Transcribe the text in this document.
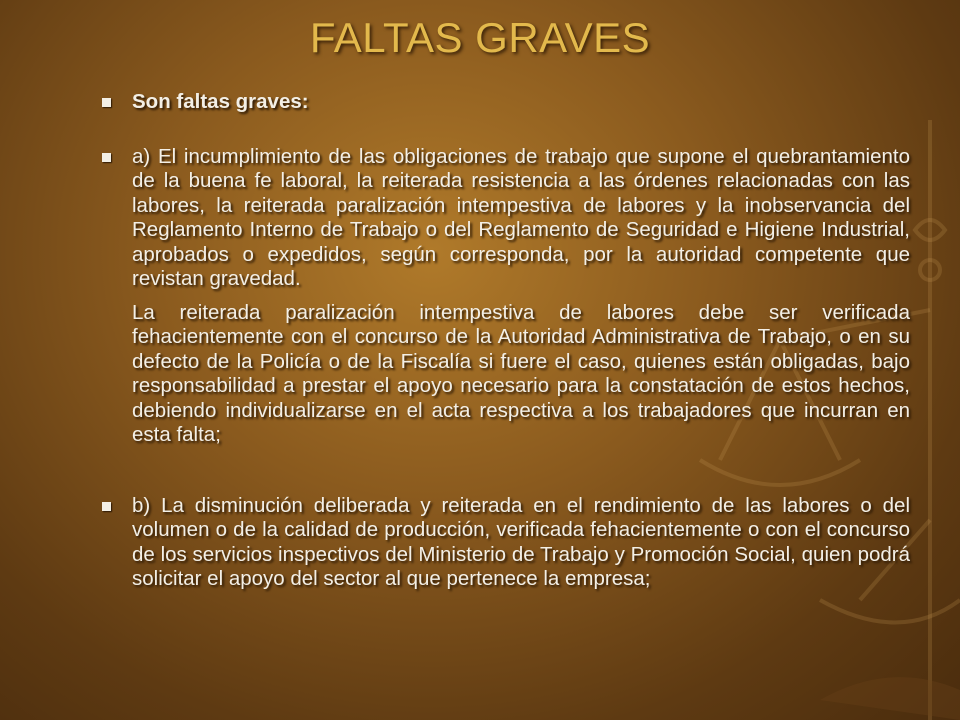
FALTAS GRAVES
Son faltas graves:

a) El incumplimiento de las obligaciones de trabajo que supone el quebrantamiento de la buena fe laboral, la reiterada resistencia a las órdenes relacionadas con las labores, la reiterada paralización intempestiva de labores y la inobservancia del Reglamento Interno de Trabajo o del Reglamento de Seguridad e Higiene Industrial, aprobados o expedidos, según corresponda, por la autoridad competente que revistan gravedad.

La reiterada paralización intempestiva de labores debe ser verificada fehacientemente con el concurso de la Autoridad Administrativa de Trabajo, o en su defecto de la Policía o de la Fiscalía si fuere el caso, quienes están obligadas, bajo responsabilidad a prestar el apoyo necesario para la constatación de estos hechos, debiendo individualizarse en el acta respectiva a los trabajadores que incurran en esta falta;

b) La disminución deliberada y reiterada en el rendimiento de las labores o del volumen o de la calidad de producción, verificada fehacientemente o con el concurso de los servicios inspectivos del Ministerio de Trabajo y Promoción Social, quien podrá solicitar el apoyo del sector al que pertenece la empresa;
